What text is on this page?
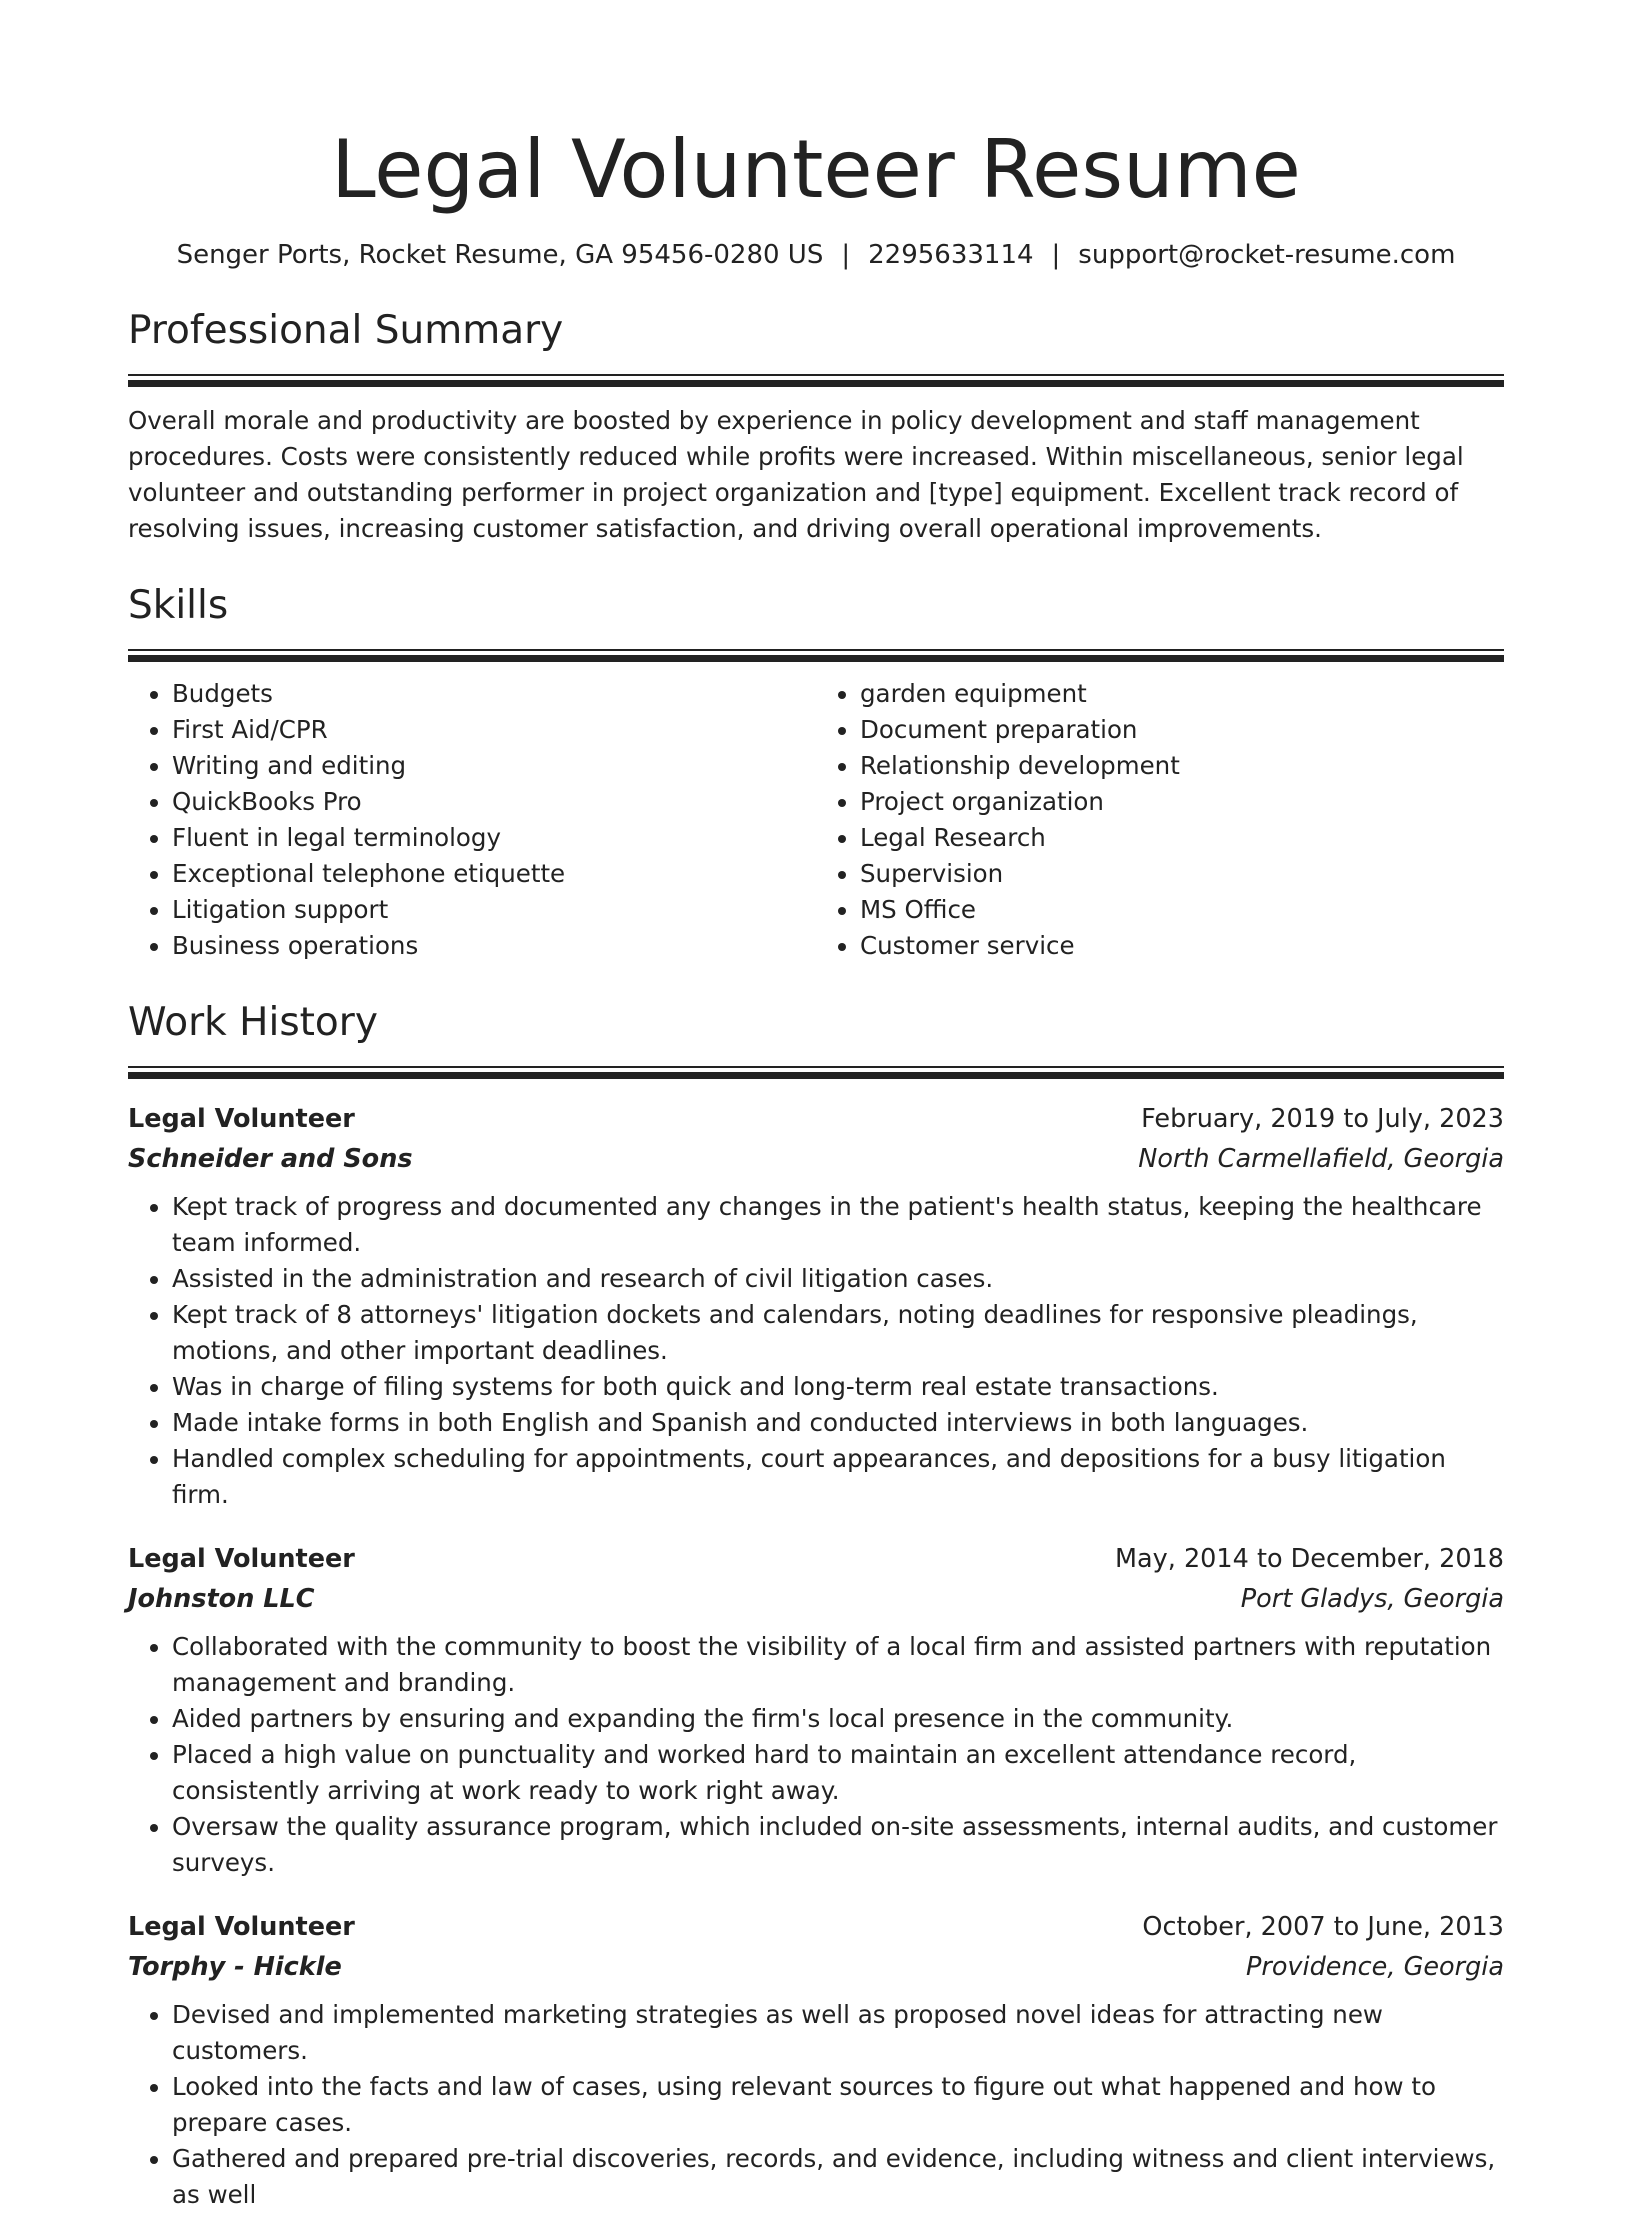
Legal Volunteer Resume
Senger Ports, Rocket Resume, GA 95456-0280 US | 2295633114 | support@rocket-resume.com
Professional Summary
Overall morale and productivity are boosted by experience in policy development and staff management procedures. Costs were consistently reduced while profits were increased. Within miscellaneous, senior legal volunteer and outstanding performer in project organization and [type] equipment. Excellent track record of resolving issues, increasing customer satisfaction, and driving overall operational improvements.
Skills
• Budgets
• First Aid/CPR
• Writing and editing
• QuickBooks Pro
• Fluent in legal terminology
• Exceptional telephone etiquette
• Litigation support
• Business operations
• garden equipment
• Document preparation
• Relationship development
• Project organization
• Legal Research
• Supervision
• MS Office
• Customer service
Work History
Legal Volunteer	February, 2019 to July, 2023
Schneider and Sons	North Carmellafield, Georgia
• Kept track of progress and documented any changes in the patient's health status, keeping the healthcare team informed.
• Assisted in the administration and research of civil litigation cases.
• Kept track of 8 attorneys' litigation dockets and calendars, noting deadlines for responsive pleadings, motions, and other important deadlines.
• Was in charge of filing systems for both quick and long-term real estate transactions.
• Made intake forms in both English and Spanish and conducted interviews in both languages.
• Handled complex scheduling for appointments, court appearances, and depositions for a busy litigation firm.
Legal Volunteer	May, 2014 to December, 2018
Johnston LLC	Port Gladys, Georgia
• Collaborated with the community to boost the visibility of a local firm and assisted partners with reputation management and branding.
• Aided partners by ensuring and expanding the firm's local presence in the community.
• Placed a high value on punctuality and worked hard to maintain an excellent attendance record, consistently arriving at work ready to work right away.
• Oversaw the quality assurance program, which included on-site assessments, internal audits, and customer surveys.
Legal Volunteer	October, 2007 to June, 2013
Torphy - Hickle	Providence, Georgia
• Devised and implemented marketing strategies as well as proposed novel ideas for attracting new customers.
• Looked into the facts and law of cases, using relevant sources to figure out what happened and how to prepare cases.
• Gathered and prepared pre-trial discoveries, records, and evidence, including witness and client interviews, as well
